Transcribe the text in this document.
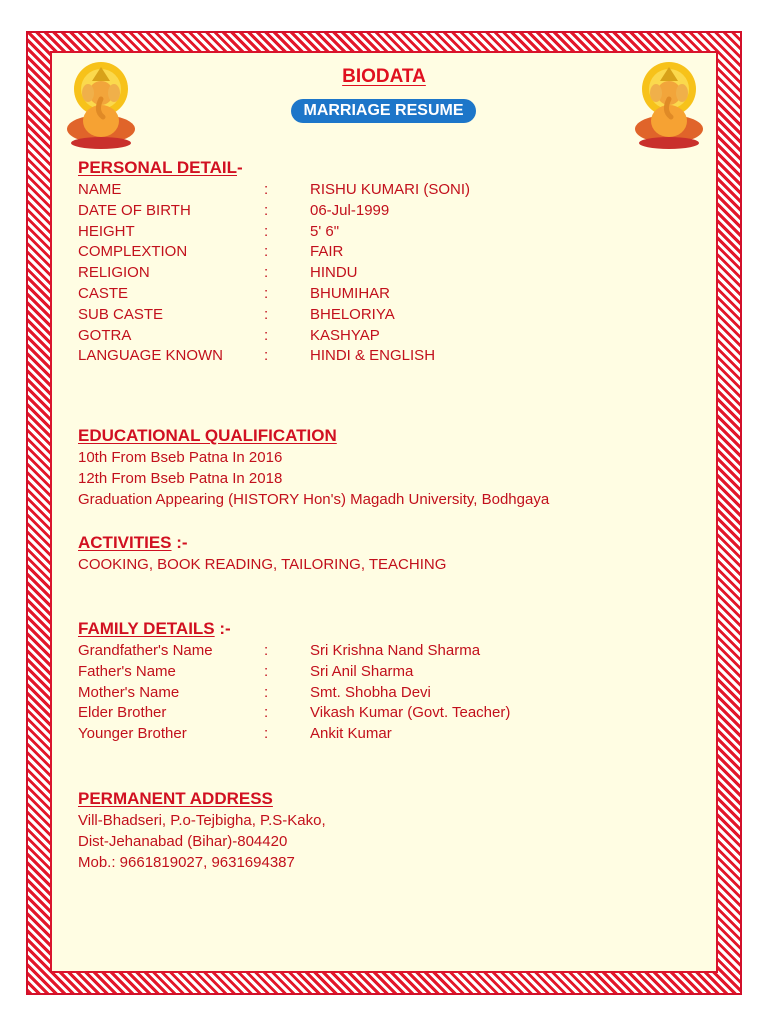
BIODATA
MARRIAGE RESUME
PERSONAL DETAIL-
NAME	:	RISHU KUMARI (SONI)
DATE OF BIRTH	:	06-Jul-1999
HEIGHT	:	5' 6"
COMPLEXTION	:	FAIR
RELIGION	:	HINDU
CASTE	:	BHUMIHAR
SUB CASTE	:	BHELORIYA
GOTRA	:	KASHYAP
LANGUAGE KNOWN	:	HINDI & ENGLISH
EDUCATIONAL QUALIFICATION
10th From Bseb Patna In 2016
12th From Bseb Patna In 2018
Graduation Appearing (HISTORY Hon's) Magadh University, Bodhgaya
ACTIVITIES :-
COOKING, BOOK READING, TAILORING, TEACHING
FAMILY DETAILS :-
Grandfather's Name	:	Sri Krishna Nand Sharma
Father's Name	:	Sri Anil Sharma
Mother's Name	:	Smt. Shobha Devi
Elder Brother	:	Vikash Kumar (Govt. Teacher)
Younger Brother	:	Ankit Kumar
PERMANENT ADDRESS
Vill-Bhadseri, P.o-Tejbigha, P.S-Kako,
Dist-Jehanabad (Bihar)-804420
Mob.: 9661819027, 9631694387
